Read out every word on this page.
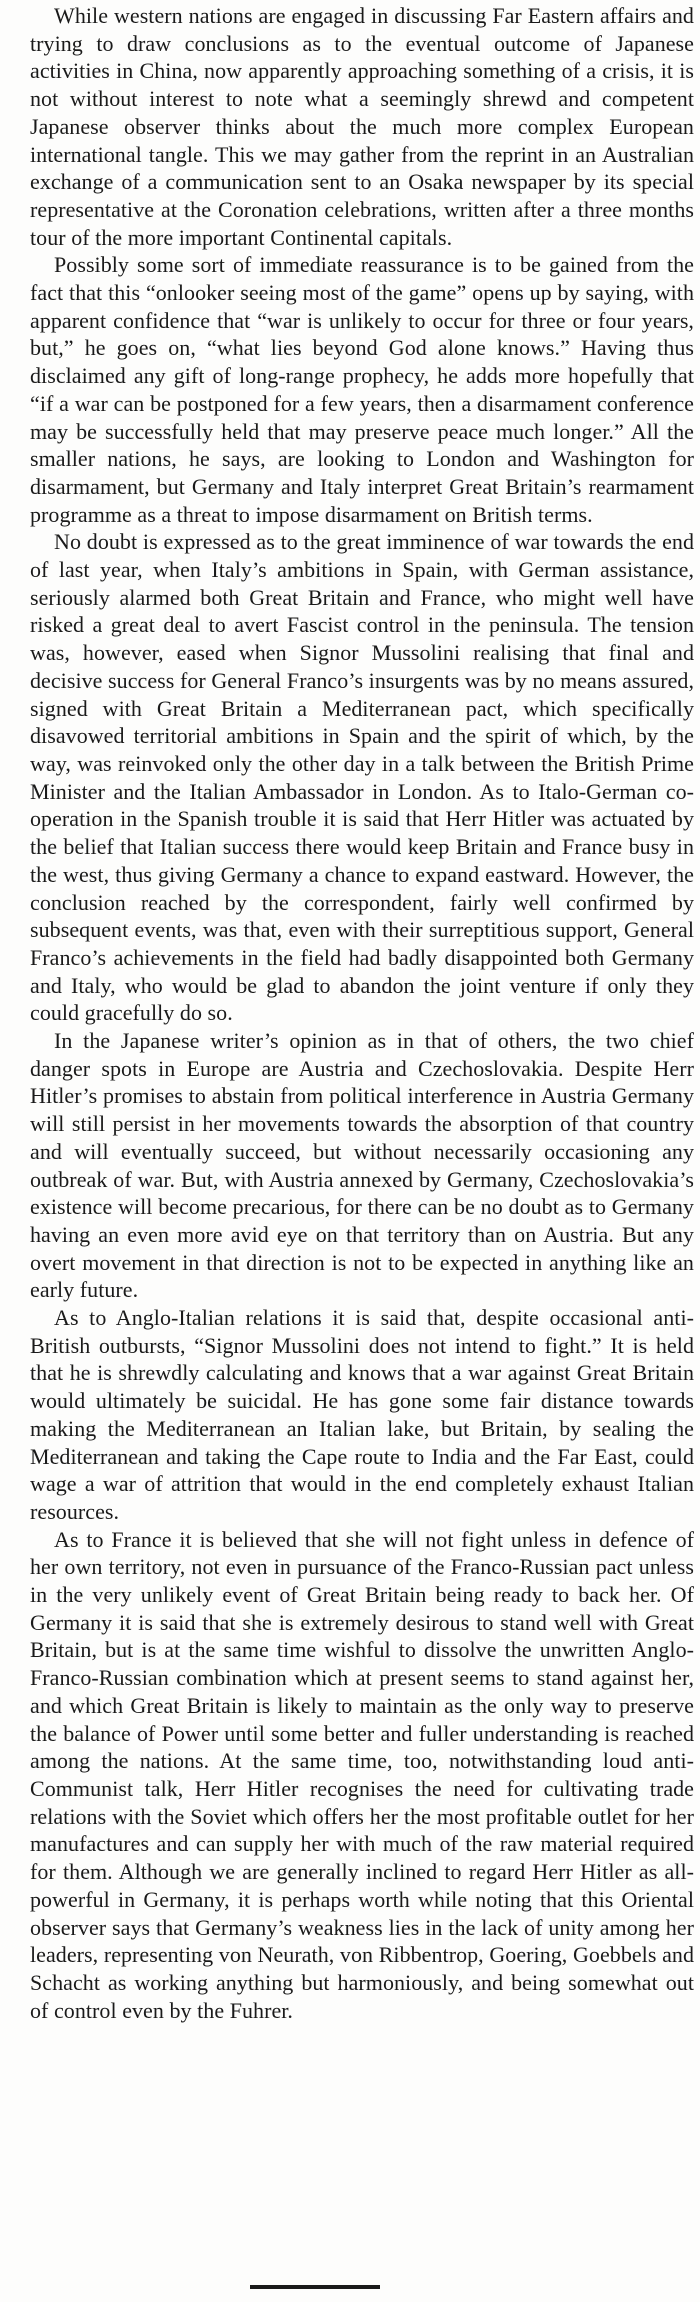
While western nations are engaged in discussing Far Eastern affairs and trying to draw conclusions as to the eventual outcome of Japanese activities in China, now apparently approaching something of a crisis, it is not without interest to note what a seemingly shrewd and competent Japanese observer thinks about the much more complex European international tangle. This we may gather from the reprint in an Australian exchange of a communication sent to an Osaka newspaper by its special representative at the Coronation celebrations, written after a three months tour of the more important Continental capitals.

Possibly some sort of immediate reassurance is to be gained from the fact that this “onlooker seeing most of the game” opens up by saying, with apparent confidence that “war is unlikely to occur for three or four years, but,” he goes on, “what lies beyond God alone knows.” Having thus disclaimed any gift of long-range prophecy, he adds more hopefully that “if a war can be postponed for a few years, then a disarmament conference may be successfully held that may preserve peace much longer.” All the smaller nations, he says, are looking to London and Washington for disarmament, but Germany and Italy interpret Great Britain’s rearmament programme as a threat to impose disarmament on British terms.

No doubt is expressed as to the great imminence of war towards the end of last year, when Italy’s ambitions in Spain, with German assistance, seriously alarmed both Great Britain and France, who might well have risked a great deal to avert Fascist control in the peninsula. The tension was, however, eased when Signor Mussolini realising that final and decisive success for General Franco’s insurgents was by no means assured, signed with Great Britain a Mediterranean pact, which specifically disavowed territorial ambitions in Spain and the spirit of which, by the way, was reinvoked only the other day in a talk between the British Prime Minister and the Italian Ambassador in London. As to Italo-German co-operation in the Spanish trouble it is said that Herr Hitler was actuated by the belief that Italian success there would keep Britain and France busy in the west, thus giving Germany a chance to expand eastward. However, the conclusion reached by the correspondent, fairly well confirmed by subsequent events, was that, even with their surreptitious support, General Franco’s achievements in the field had badly disappointed both Germany and Italy, who would be glad to abandon the joint venture if only they could gracefully do so.

In the Japanese writer’s opinion as in that of others, the two chief danger spots in Europe are Austria and Czechoslovakia. Despite Herr Hitler’s promises to abstain from political interference in Austria Germany will still persist in her movements towards the absorption of that country and will eventually succeed, but without necessarily occasioning any outbreak of war. But, with Austria annexed by Germany, Czechoslovakia’s existence will become precarious, for there can be no doubt as to Germany having an even more avid eye on that territory than on Austria. But any overt movement in that direction is not to be expected in anything like an early future.

As to Anglo-Italian relations it is said that, despite occasional anti-British outbursts, “Signor Mussolini does not intend to fight.” It is held that he is shrewdly calculating and knows that a war against Great Britain would ultimately be suicidal. He has gone some fair distance towards making the Mediterranean an Italian lake, but Britain, by sealing the Mediterranean and taking the Cape route to India and the Far East, could wage a war of attrition that would in the end completely exhaust Italian resources.

As to France it is believed that she will not fight unless in defence of her own territory, not even in pursuance of the Franco-Russian pact unless in the very unlikely event of Great Britain being ready to back her. Of Germany it is said that she is extremely desirous to stand well with Great Britain, but is at the same time wishful to dissolve the unwritten Anglo-Franco-Russian combination which at present seems to stand against her, and which Great Britain is likely to maintain as the only way to preserve the balance of Power until some better and fuller understanding is reached among the nations. At the same time, too, notwithstanding loud anti-Communist talk, Herr Hitler recognises the need for cultivating trade relations with the Soviet which offers her the most profitable outlet for her manufactures and can supply her with much of the raw material required for them. Although we are generally inclined to regard Herr Hitler as all-powerful in Germany, it is perhaps worth while noting that this Oriental observer says that Germany’s weakness lies in the lack of unity among her leaders, representing von Neurath, von Ribbentrop, Goering, Goebbels and Schacht as working anything but harmoniously, and being somewhat out of control even by the Fuhrer.
